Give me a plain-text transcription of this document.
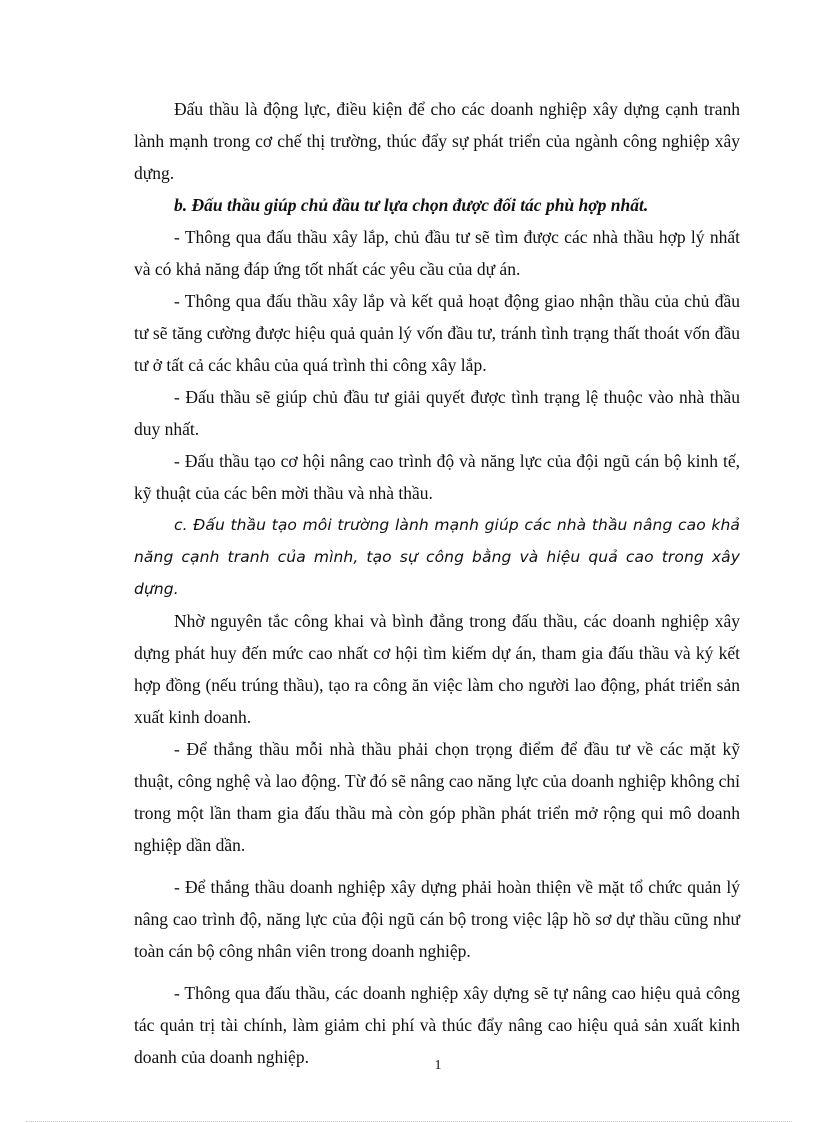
Đấu thầu là động lực, điều kiện để cho các doanh nghiệp xây dựng cạnh tranh lành mạnh trong cơ chế thị trường, thúc đẩy sự phát triển của ngành công nghiệp xây dựng.

b. Đấu thầu giúp chủ đầu tư lựa chọn được đối tác phù hợp nhất.

- Thông qua đấu thầu xây lắp, chủ đầu tư sẽ tìm được các nhà thầu hợp lý nhất và có khả năng đáp ứng tốt nhất các yêu cầu của dự án.

- Thông qua đấu thầu xây lắp và kết quả hoạt động giao nhận thầu của chủ đầu tư sẽ tăng cường được hiệu quả quản lý vốn đầu tư, tránh tình trạng thất thoát vốn đầu tư ở tất cả các khâu của quá trình thi công xây lắp.

- Đấu thầu sẽ giúp chủ đầu tư giải quyết được tình trạng lệ thuộc vào nhà thầu duy nhất.

- Đấu thầu tạo cơ hội nâng cao trình độ và năng lực của đội ngũ cán bộ kinh tế, kỹ thuật của các bên mời thầu và nhà thầu.

c. Đấu thầu tạo môi trường lành mạnh giúp các nhà thầu nâng cao khả năng cạnh tranh của mình, tạo sự công bằng và hiệu quả cao trong xây dựng.

Nhờ nguyên tắc công khai và bình đẳng trong đấu thầu, các doanh nghiệp xây dựng phát huy đến mức cao nhất cơ hội tìm kiếm dự án, tham gia đấu thầu và ký kết hợp đồng (nếu trúng thầu), tạo ra công ăn việc làm cho người lao động, phát triển sản xuất kinh doanh.

- Để thắng thầu mỗi nhà thầu phải chọn trọng điểm để đầu tư về các mặt kỹ thuật, công nghệ và lao động. Từ đó sẽ nâng cao năng lực của doanh nghiệp không chỉ trong một lần tham gia đấu thầu mà còn góp phần phát triển mở rộng qui mô doanh nghiệp dần dần.

- Để thắng thầu doanh nghiệp xây dựng phải hoàn thiện về mặt tổ chức quản lý nâng cao trình độ, năng lực của đội ngũ cán bộ trong việc lập hồ sơ dự thầu cũng như toàn cán bộ công nhân viên trong doanh nghiệp.

- Thông qua đấu thầu, các doanh nghiệp xây dựng sẽ tự nâng cao hiệu quả công tác quản trị tài chính, làm giảm chi phí và thúc đẩy nâng cao hiệu quả sản xuất kinh doanh của doanh nghiệp.	1
